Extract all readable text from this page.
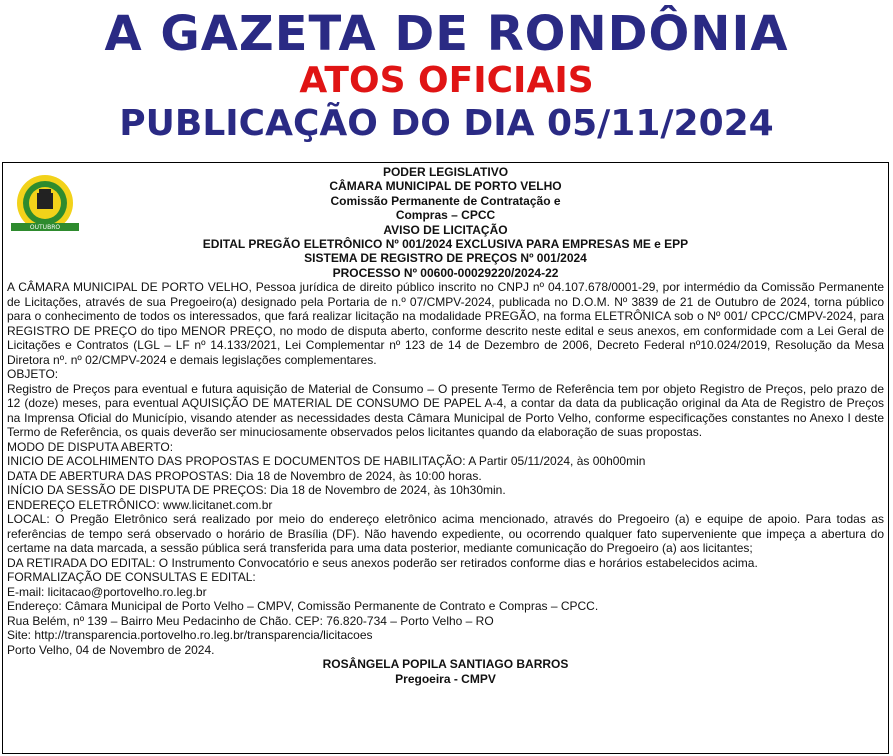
A GAZETA DE RONDÔNIA
ATOS OFICIAIS
PUBLICAÇÃO DO DIA 05/11/2024
OUTUBRO
PODER LEGISLATIVO
CÂMARA MUNICIPAL DE PORTO VELHO
Comissão Permanente de Contratação e
Compras – CPCC
AVISO DE LICITAÇÃO
EDITAL PREGÃO ELETRÔNICO Nº 001/2024 EXCLUSIVA PARA EMPRESAS ME e EPP
SISTEMA DE REGISTRO DE PREÇOS Nº 001/2024
PROCESSO Nº 00600-00029220/2024-22

A CÂMARA MUNICIPAL DE PORTO VELHO, Pessoa jurídica de direito público inscrito no CNPJ nº 04.107.678/0001-29, por intermédio da Comissão Permanente de Licitações, através de sua Pregoeiro(a) designado pela Portaria de n.º 07/CMPV-2024, publicada no D.O.M. Nº 3839 de 21 de Outubro de 2024, torna público para o conhecimento de todos os interessados, que fará realizar licitação na modalidade PREGÃO, na forma ELETRÔNICA sob o Nº 001/ CPCC/CMPV-2024, para REGISTRO DE PREÇO do tipo MENOR PREÇO, no modo de disputa aberto, conforme descrito neste edital e seus anexos, em conformidade com a Lei Geral de Licitações e Contratos (LGL – LF nº 14.133/2021, Lei Complementar nº 123 de 14 de Dezembro de 2006, Decreto Federal nº10.024/2019, Resolução da Mesa Diretora nº. nº 02/CMPV-2024 e demais legislações complementares.

OBJETO:

Registro de Preços para eventual e futura aquisição de Material de Consumo – O presente Termo de Referência tem por objeto Registro de Preços, pelo prazo de 12 (doze) meses, para eventual AQUISIÇÃO DE MATERIAL DE CONSUMO DE PAPEL A-4, a contar da data da publicação original da Ata de Registro de Preços na Imprensa Oficial do Município, visando atender as necessidades desta Câmara Municipal de Porto Velho, conforme especificações constantes no Anexo I deste Termo de Referência, os quais deverão ser minuciosamente observados pelos licitantes quando da elaboração de suas propostas.

MODO DE DISPUTA ABERTO:

INICIO DE ACOLHIMENTO DAS PROPOSTAS E DOCUMENTOS DE HABILITAÇÃO: A Partir 05/11/2024, às 00h00min

DATA DE ABERTURA DAS PROPOSTAS: Dia 18 de Novembro de 2024, às 10:00 horas.

INÍCIO DA SESSÃO DE DISPUTA DE PREÇOS: Dia 18 de Novembro de 2024, às 10h30min.

ENDEREÇO ELETRÔNICO: www.licitanet.com.br

LOCAL: O Pregão Eletrônico será realizado por meio do endereço eletrônico acima mencionado, através do Pregoeiro (a) e equipe de apoio. Para todas as referências de tempo será observado o horário de Brasília (DF). Não havendo expediente, ou ocorrendo qualquer fato superveniente que impeça a abertura do certame na data marcada, a sessão pública será transferida para uma data posterior, mediante comunicação do Pregoeiro (a) aos licitantes;

DA RETIRADA DO EDITAL: O Instrumento Convocatório e seus anexos poderão ser retirados conforme dias e horários estabelecidos acima.

FORMALIZAÇÃO DE CONSULTAS E EDITAL:

E-mail: licitacao@portovelho.ro.leg.br

Endereço: Câmara Municipal de Porto Velho – CMPV, Comissão Permanente de Contrato e Compras – CPCC.

Rua Belém, nº 139 – Bairro Meu Pedacinho de Chão. CEP: 76.820-734 – Porto Velho – RO

Site: http://transparencia.portovelho.ro.leg.br/transparencia/licitacoes

Porto Velho, 04 de Novembro de 2024.

ROSÂNGELA POPILA SANTIAGO BARROS
Pregoeira - CMPV
